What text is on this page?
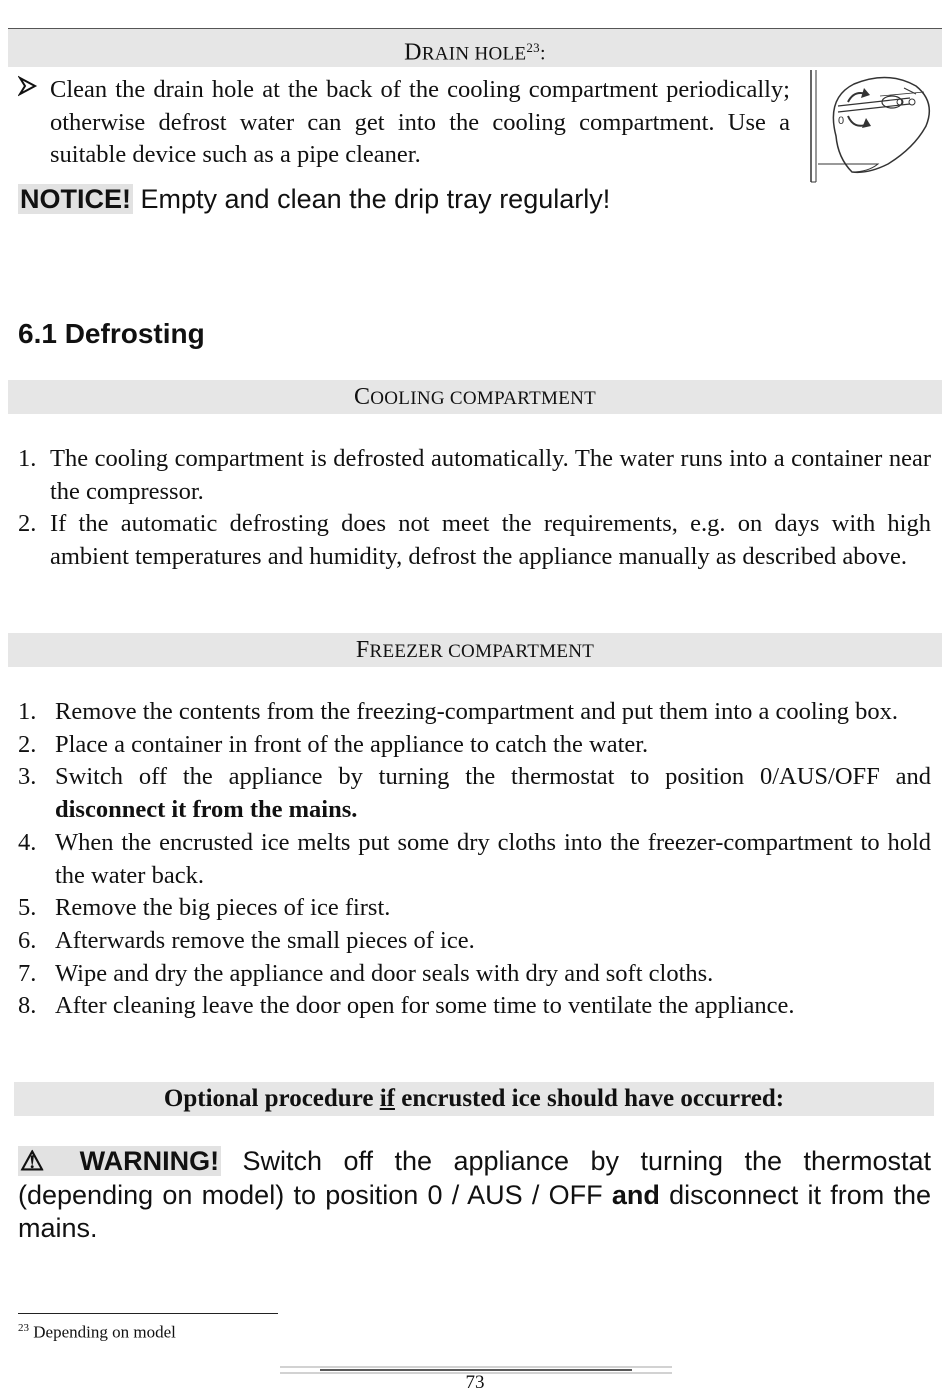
DRAIN HOLE$^{23}$:
Clean the drain hole at the back of the cooling compartment periodically; otherwise defrost water can get into the cooling compartment. Use a suitable device such as a pipe cleaner.
0
NOTICE! Empty and clean the drip tray regularly!
6.1 Defrosting
COOLING COMPARTMENT
1. The cooling compartment is defrosted automatically. The water runs into a container near the compressor.
2. If the automatic defrosting does not meet the requirements, e.g. on days with high ambient temperatures and humidity, defrost the appliance manually as described above.
FREEZER COMPARTMENT
1. Remove the contents from the freezing-compartment and put them into a cooling box.
2. Place a container in front of the appliance to catch the water.
3. Switch off the appliance by turning the thermostat to position 0/AUS/OFF and disconnect it from the mains.
4. When the encrusted ice melts put some dry cloths into the freezer-compartment to hold the water back.
5. Remove the big pieces of ice first.
6. Afterwards remove the small pieces of ice.
7. Wipe and dry the appliance and door seals with dry and soft cloths.
8. After cleaning leave the door open for some time to ventilate the appliance.
Optional procedure if encrusted ice should have occurred:
⚠ WARNING! Switch off the appliance by turning the thermostat (depending on model) to position 0 / AUS / OFF and disconnect it from the mains.
$^{23}$ Depending on model
73
